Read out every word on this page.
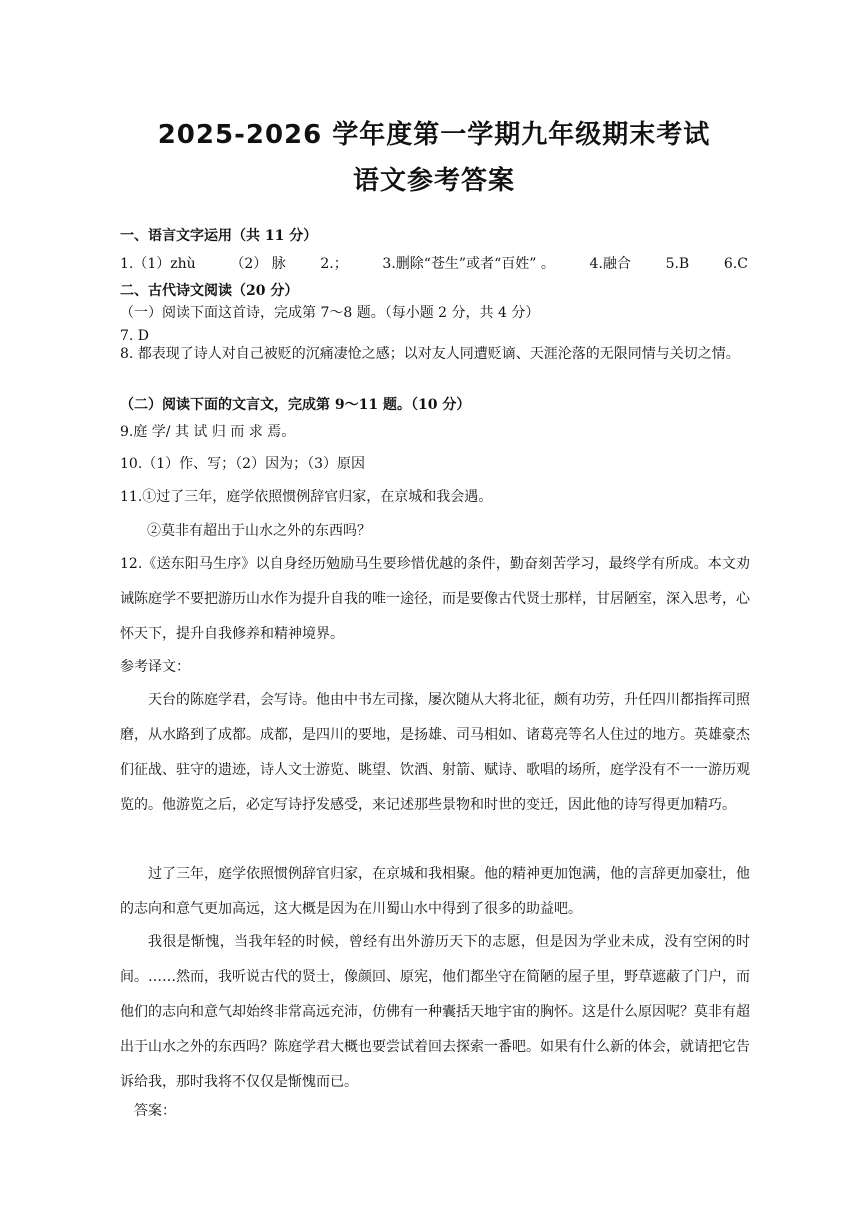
2025-2026 学年度第一学期九年级期末考试
语文参考答案

一、语言文字运用（共 11 分）

1.（1）zhù （2） 脉 2.； 3.删除“苍生”或者“百姓” 。 4.融合 5.B 6.C

二、古代诗文阅读（20 分）

（一）阅读下面这首诗，完成第 7～8 题。（每小题 2 分，共 4 分）

7. D

8. 都表现了诗人对自己被贬的沉痛凄怆之感；以对友人同遭贬谪、天涯沦落的无限同情与关切之情。

（二）阅读下面的文言文，完成第 9～11 题。（10 分）

9.庭 学/ 其 试 归 而 求 焉。

10.（1）作、写；（2）因为；（3）原因

11.①过了三年，庭学依照惯例辞官归家，在京城和我会遇。

②莫非有超出于山水之外的东西吗？

12.《送东阳马生序》以自身经历勉励马生要珍惜优越的条件，勤奋刻苦学习，最终学有所成。本文劝诫陈庭学不要把游历山水作为提升自我的唯一途径，而是要像古代贤士那样，甘居陋室，深入思考，心怀天下，提升自我修养和精神境界。

参考译文：

天台的陈庭学君，会写诗。他由中书左司掾，屡次随从大将北征，颇有功劳，升任四川都指挥司照磨，从水路到了成都。成都，是四川的要地，是扬雄、司马相如、诸葛亮等名人住过的地方。英雄豪杰们征战、驻守的遗迹，诗人文士游览、眺望、饮酒、射箭、赋诗、歌唱的场所，庭学没有不一一游历观览的。他游览之后，必定写诗抒发感受，来记述那些景物和时世的变迁，因此他的诗写得更加精巧。

过了三年，庭学依照惯例辞官归家，在京城和我相聚。他的精神更加饱满，他的言辞更加豪壮，他的志向和意气更加高远，这大概是因为在川蜀山水中得到了很多的助益吧。

我很是惭愧，当我年轻的时候，曾经有出外游历天下的志愿，但是因为学业未成，没有空闲的时间。……然而，我听说古代的贤士，像颜回、原宪，他们都坐守在简陋的屋子里，野草遮蔽了门户，而他们的志向和意气却始终非常高远充沛，仿佛有一种囊括天地宇宙的胸怀。这是什么原因呢？莫非有超出于山水之外的东西吗？陈庭学君大概也要尝试着回去探索一番吧。如果有什么新的体会，就请把它告诉给我，那时我将不仅仅是惭愧而已。

答案：
